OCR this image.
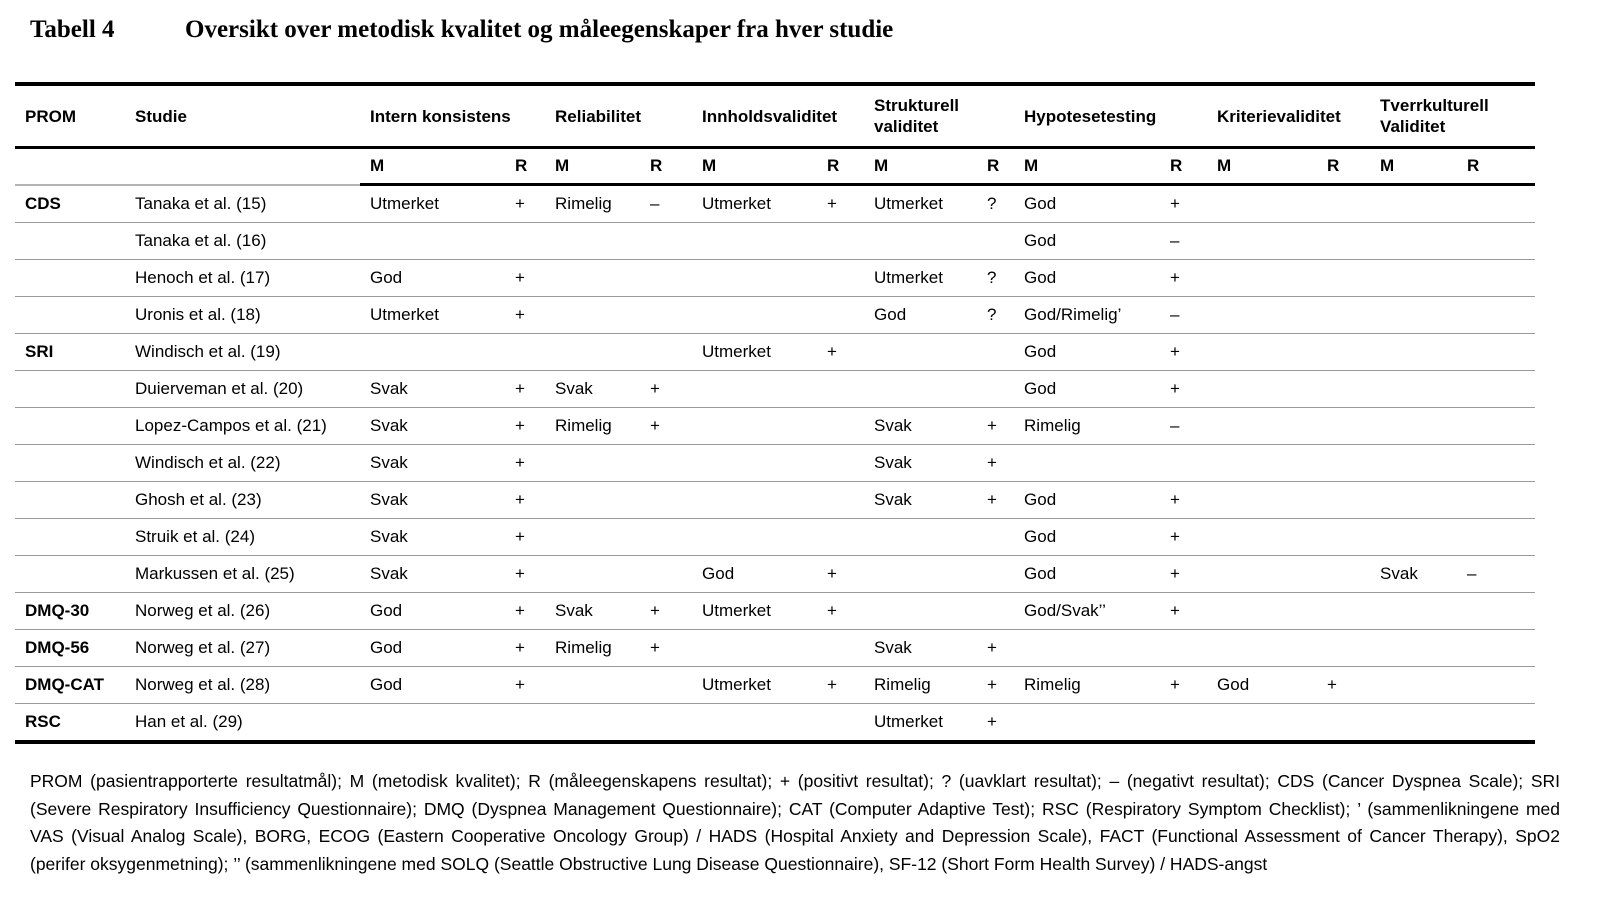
Tabell 4	Oversikt over metodisk kvalitet og måleegenskaper fra hver studie
PROM	Studie	Intern konsistens		Reliabilitet		Innholdsvaliditet		Strukturell validitet		Hypotesetesting		Kriterievaliditet		Tverrkulturell Validitet	
		M	R	M	R	M	R	M	R	M	R	M	R	M	R
CDS	Tanaka et al. (15)	Utmerket	+	Rimelig	–	Utmerket	+	Utmerket	?	God	+				
	Tanaka et al. (16)									God	–				
	Henoch et al. (17)	God	+					Utmerket	?	God	+				
	Uronis et al. (18)	Utmerket	+					God	?	God/Rimelig’	–				
SRI	Windisch et al. (19)					Utmerket	+			God	+				
	Duierveman et al. (20)	Svak	+	Svak	+					God	+				
	Lopez-Campos et al. (21)	Svak	+	Rimelig	+			Svak	+	Rimelig	–				
	Windisch et al. (22)	Svak	+					Svak	+						
	Ghosh et al. (23)	Svak	+					Svak	+	God	+				
	Struik et al. (24)	Svak	+							God	+				
	Markussen et al. (25)	Svak	+			God	+			God	+			Svak	–
DMQ-30	Norweg et al. (26)	God	+	Svak	+	Utmerket	+			God/Svak’’	+				
DMQ-56	Norweg et al. (27)	God	+	Rimelig	+			Svak	+						
DMQ-CAT	Norweg et al. (28)	God	+			Utmerket	+	Rimelig	+	Rimelig	+	God	+		
RSC	Han et al. (29)							Utmerket	+						

PROM (pasientrapporterte resultatmål); M (metodisk kvalitet); R (måleegenskapens resultat); + (positivt resultat); ? (uavklart resultat); – (negativt resultat); CDS (Cancer Dyspnea Scale); SRI (Severe Respiratory Insufficiency Questionnaire); DMQ (Dyspnea Management Questionnaire); CAT (Computer Adaptive Test); RSC (Respiratory Symptom Checklist); ’ (sammenlikningene med VAS (Visual Analog Scale), BORG, ECOG (Eastern Cooperative Oncology Group) / HADS (Hospital Anxiety and Depression Scale), FACT (Functional Assessment of Cancer Therapy), SpO2 (perifer oksygenmetning); ’’ (sammenlikningene med SOLQ (Seattle Obstructive Lung Disease Questionnaire), SF-12 (Short Form Health Survey) / HADS-angst
